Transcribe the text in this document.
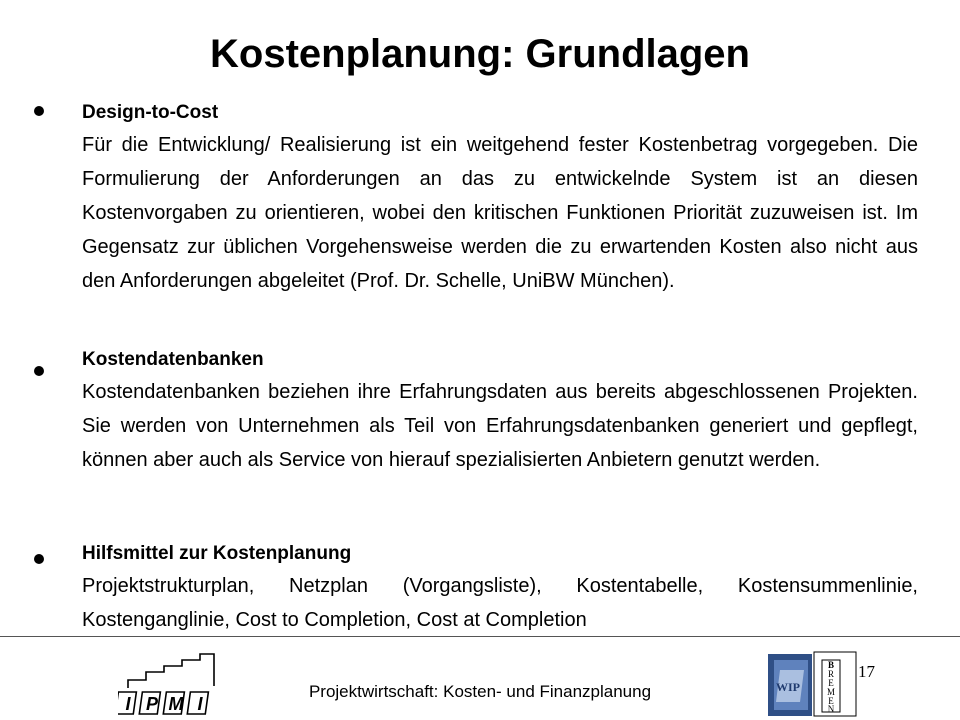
Kostenplanung: Grundlagen
Design-to-Cost
Für die Entwicklung/ Realisierung ist ein weitgehend fester Kostenbetrag vorgegeben. Die Formulierung der Anforderungen an das zu entwickelnde System ist an diesen Kostenvorgaben zu orientieren, wobei den kritischen Funktionen Priorität zuzuweisen ist. Im Gegensatz zur üblichen Vorgehensweise werden die zu erwartenden Kosten also nicht aus den Anforderungen abgeleitet (Prof. Dr. Schelle, UniBW München).
Kostendatenbanken
Kostendatenbanken beziehen ihre Erfahrungsdaten aus bereits abgeschlossenen Projekten. Sie werden von Unternehmen als Teil von Erfahrungsdatenbanken generiert und gepflegt, können aber auch als Service von hierauf spezialisierten Anbietern genutzt werden.
Hilfsmittel zur Kostenplanung
Projektstrukturplan, Netzplan (Vorgangsliste), Kostentabelle, Kostensummenlinie, Kostenganglinie, Cost to Completion, Cost at Completion
I P M I
Projektwirtschaft: Kosten- und Finanzplanung
17
WIP
B
R
E
M
E
N
